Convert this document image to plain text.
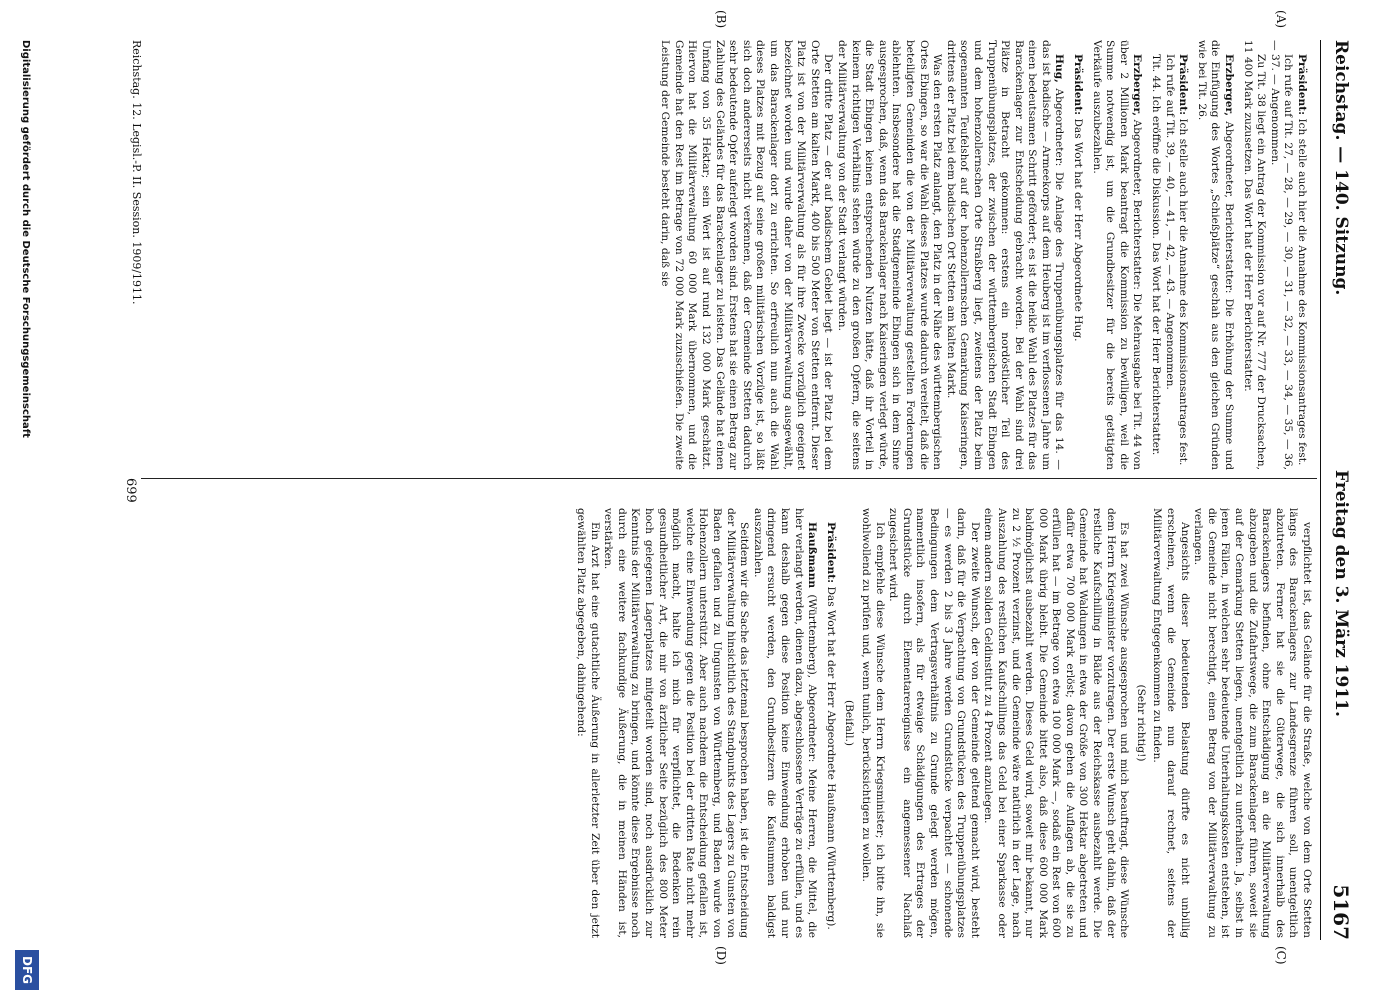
Reichstag. — 140. Sitzung.
Freitag den 3. März 1911.
5167
(A)
(B)
(C)
(D)

Präsident: Ich stelle auch hier die Annahme des Kommissionsantrages fest.

Ich rufe auf Tit. 27, — 28, — 29, — 30, — 31, — 32, — 33, — 34, — 35, — 36, — 37. — Angenommen.

Zu Tit. 38 liegt ein Antrag der Kommission vor auf Nr. 777 der Drucksachen, 11 400 Mark zuzusetzen. Das Wort hat der Herr Berichterstatter.

Erzberger, Abgeordneter, Berichterstatter: Die Erhöhung der Summe und die Einfügung des Wortes „Schießplätze“ geschah aus den gleichen Gründen wie bei Tit. 26.

Präsident: Ich stelle auch hier die Annahme des Kommissionsantrages fest.

Ich rufe auf Tit. 39, — 40, — 41, — 42, — 43. — Angenommen.

Tit. 44. Ich eröffne die Diskussion. Das Wort hat der Herr Berichterstatter.

Erzberger, Abgeordneter, Berichterstatter: Die Mehrausgabe bei Tit. 44 von über 2 Millionen Mark beantragt die Kommission zu bewilligen, weil die Summe notwendig ist, um die Grundbesitzer für die bereits getätigten Verkäufe auszubezahlen.

Präsident: Das Wort hat der Herr Abgeordnete Hug.

Hug, Abgeordneter: Die Anlage des Truppenübungsplatzes für das 14. — das ist badische — Armeekorps auf dem Heuberg ist im verflossenen Jahre um einen bedeutsamen Schritt gefördert; es ist die heikle Wahl des Platzes für das Barackenlager zur Entscheidung gebracht worden. Bei der Wahl sind drei Plätze in Betracht gekommen: erstens ein nordöstlicher Teil des Truppenübungsplatzes, der zwischen der württembergischen Stadt Ebingen und dem hohenzollernschen Orte Straßberg liegt, zweitens der Platz beim sogenannten Teufelshof auf der hohenzollernschen Gemarkung Kaiseringen, drittens der Platz bei dem badischen Ort Stetten am kalten Markt.

Was den ersten Platz anlangt, den Platz in der Nähe des württembergischen Ortes Ebingen, so war die Wahl dieses Platzes wurde dadurch vereitelt, daß die beteiligten Gemeinden die von der Militärverwaltung gestellten Forderungen ablehnten. Insbesondere hat die Stadtgemeinde Ebingen sich in dem Sinne ausgesprochen, daß, wenn das Barackenlager nach Kaiseringen verlegt würde, die Stadt Ebingen keinen entsprechenden Nutzen hätte, daß ihr Vorteil in keinem richtigen Verhältnis stehen würde zu den großen Opfern, die seitens der Militärverwaltung von der Stadt verlangt würden.

Der dritte Platz — der auf badischem Gebiet liegt — ist der Platz bei dem Orte Stetten am kalten Markt, 400 bis 500 Meter von Stetten entfernt. Dieser Platz ist von der Militärverwaltung als für ihre Zwecke vorzüglich geeignet bezeichnet worden und wurde daher von der Militärverwaltung ausgewählt, um das Barackenlager dort zu errichten. So erfreulich nun auch die Wahl dieses Platzes mit Bezug auf seine großen militärischen Vorzüge ist, so läßt sich doch andererseits nicht verkennen, daß der Gemeinde Stetten dadurch sehr bedeutende Opfer auferlegt worden sind. Erstens hat sie einen Betrag zur Zahlung des Geländes für das Barackenlager zu leisten. Das Gelände hat einen Umfang von 35 Hektar; sein Wert ist auf rund 132 000 Mark geschätzt. Hiervon hat die Militärverwaltung 60 000 Mark übernommen, und die Gemeinde hat den Rest im Betrage von 72 000 Mark zuzuschießen. Die zweite Leistung der Gemeinde besteht darin, daß sie

verpflichtet ist, das Gelände für die Straße, welche von dem Orte Stetten längs des Barackenlagers zur Landesgrenze führen soll, unentgeltlich abzutreten. Ferner hat sie die Güterwege, die sich innerhalb des Barackenlagers befinden, ohne Entschädigung an die Militärverwaltung abzugeben und die Zufahrtswege, die zum Barackenlager führen, soweit sie auf der Gemarkung Stetten liegen, unentgeltlich zu unterhalten. Ja, selbst in jenen Fällen, in welchen sehr bedeutende Unterhaltungskosten entstehen, ist die Gemeinde nicht berechtigt, einen Betrag von der Militärverwaltung zu verlangen.

Angesichts dieser bedeutenden Belastung dürfte es nicht unbillig erscheinen, wenn die Gemeinde nun darauf rechnet, seitens der Militärverwaltung Entgegenkommen zu finden.

(Sehr richtig!)

Es hat zwei Wünsche ausgesprochen und mich beauftragt, diese Wünsche dem Herrn Kriegsminister vorzutragen. Der erste Wunsch geht dahin, daß der restliche Kaufschilling in Bälde aus der Reichskasse ausbezahlt werde. Die Gemeinde hat Waldungen in etwa der Größe von 300 Hektar abgetreten und dafür etwa 700 000 Mark erlöst; davon gehen die Auflagen ab, die sie zu erfüllen hat — im Betrage von etwa 100 000 Mark —, sodaß ein Rest von 600 000 Mark übrig bleibt. Die Gemeinde bittet also, daß diese 600 000 Mark baldmöglichst ausbezahlt werden. Dieses Geld wird, soweit mir bekannt, nur zu 2 ½ Prozent verzinst, und die Gemeinde wäre natürlich in der Lage, nach Auszahlung des restlichen Kaufschillings das Geld bei einer Sparkasse oder einem andern soliden Geldinstitut zu 4 Prozent anzulegen.

Der zweite Wunsch, der von der Gemeinde geltend gemacht wird, besteht darin, daß für die Verpachtung von Grundstücken des Truppenübungsplatzes — es werden 2 bis 3 Jahre werden Grundstücke verpachtet — schonende Bedingungen dem Vertragsverhältnis zu Grunde gelegt werden mögen, namentlich insofern, als für etwaige Schädigungen des Ertrages der Grundstücke durch Elementarereignisse ein angemessener Nachlaß zugesichert wird.

Ich empfehle diese Wünsche dem Herrn Kriegsminister; ich bitte ihn, sie wohlwollend zu prüfen und, wenn tunlich, berücksichtigen zu wollen.

(Beifall.)

Präsident: Das Wort hat der Herr Abgeordnete Haußmann (Württemberg).

Haußmann (Württemberg), Abgeordneter: Meine Herren, die Mittel, die hier verlangt werden, dienen dazu, abgeschlossene Verträge zu erfüllen, und es kann deshalb gegen diese Position keine Einwendung erhoben und nur dringend ersucht werden, den Grundbesitzern die Kaufsummen baldigst auszuzahlen.

Seitdem wir die Sache das letztemal besprochen haben, ist die Entscheidung der Militärverwaltung hinsichtlich des Standpunkts des Lagers zu Gunsten von Baden gefallen und zu Ungunsten von Württemberg, und Baden wurde von Hohenzollern unterstützt. Aber auch nachdem die Entscheidung gefallen ist, welche eine Einwendung gegen die Position bei der dritten Rate nicht mehr möglich macht, halte ich mich für verpflichtet, die Bedenken rein gesundheitlicher Art, die mir von ärztlicher Seite bezüglich des 800 Meter hoch gelegenen Lagerplatzes mitgeteilt worden sind, noch ausdrücklich zur Kenntnis der Militärverwaltung zu bringen, und könnte diese Ergebnisse noch durch eine weitere fachkundige Äußerung, die in meinen Händen ist, verstärken.

Ein Arzt hat eine gutachtliche Äußerung in allerletzter Zeit über den jetzt gewählten Platz abgegeben, dahingehend:

Reichstag. 12. Legisl.-P. II. Session. 1909/1911.
699
Digitalisierung gefördert durch die Deutsche Forschungsgemeinschaft
DFG
